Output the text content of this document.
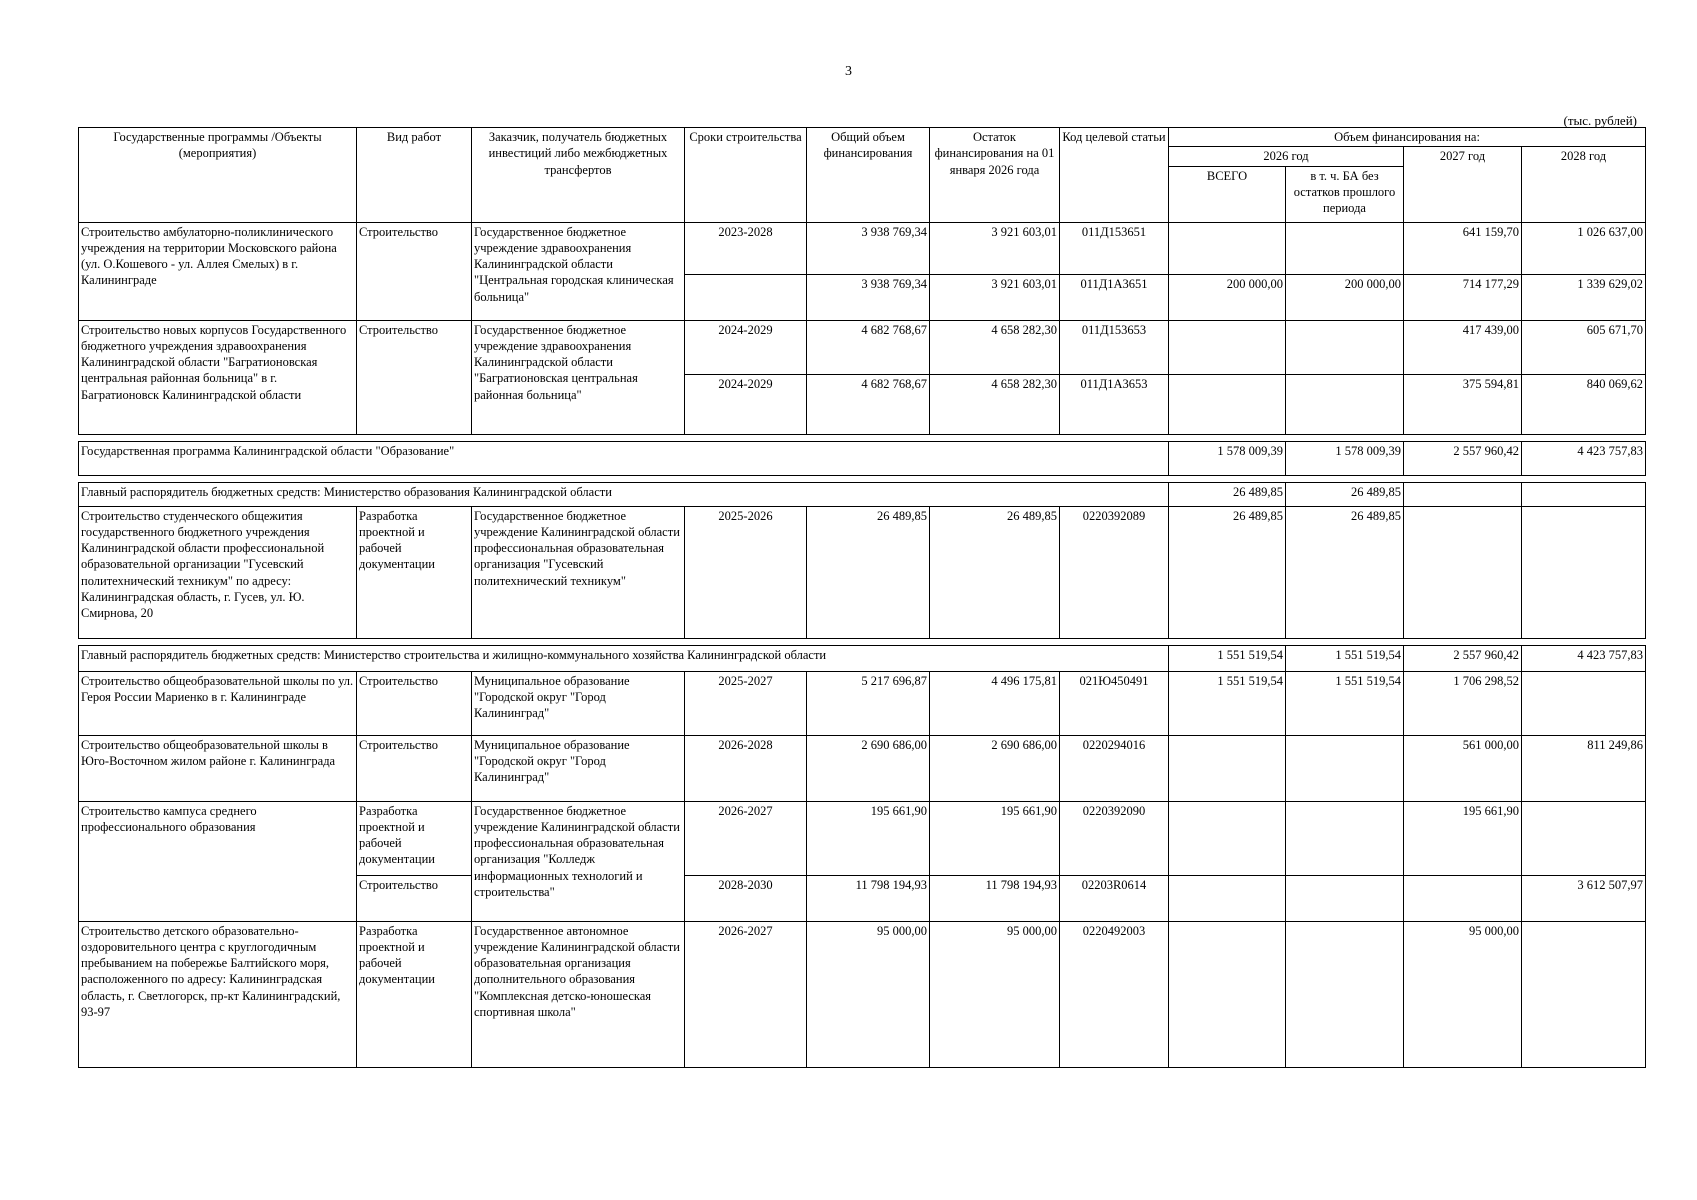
3
(тыс. рублей)
Государственные программы /Объекты (мероприятия)	Вид работ	Заказчик, получатель бюджетных инвестиций либо межбюджетных трансфертов	Сроки строительства	Общий объем финансирования	Остаток финансирования на 01 января 2026 года	Код целевой статьи	Объем финансирования на:			
							2026 год		2027 год	2028 год
							ВСЕГО	в т. ч. БА без остатков прошлого периода		
Строительство амбулаторно-поликлинического учреждения на территории Московского района (ул. О.Кошевого - ул. Аллея Смелых) в г. Калининграде	Строительство	Государственное бюджетное учреждение здравоохранения Калининградской области "Центральная городская клиническая больница"	2023-2028	3 938 769,34	3 921 603,01	011Д153651			641 159,70	1 026 637,00
				3 938 769,34	3 921 603,01	011Д1А3651	200 000,00	200 000,00	714 177,29	1 339 629,02
Строительство новых корпусов Государственного бюджетного учреждения здравоохранения Калининградской области "Багратионовская центральная районная больница" в г. Багратионовск Калининградской области	Строительство	Государственное бюджетное учреждение здравоохранения Калининградской области "Багратионовская центральная районная больница"	2024-2029	4 682 768,67	4 658 282,30	011Д153653			417 439,00	605 671,70
			2024-2029	4 682 768,67	4 658 282,30	011Д1А3653			375 594,81	840 069,62

Государственная программа Калининградской области "Образование"							1 578 009,39	1 578 009,39	2 557 960,42	4 423 757,83

Главный распорядитель бюджетных средств: Министерство образования Калининградской области							26 489,85	26 489,85		
Строительство студенческого общежития государственного бюджетного учреждения Калининградской области профессиональной образовательной организации "Гусевский политехнический техникум" по адресу: Калининградская область, г. Гусев, ул. Ю. Смирнова, 20	Разработка проектной и рабочей документации	Государственное бюджетное учреждение Калининградской области профессиональная образовательная организация "Гусевский политехнический техникум"	2025-2026	26 489,85	26 489,85	0220392089	26 489,85	26 489,85		

Главный распорядитель бюджетных средств: Министерство строительства и жилищно-коммунального хозяйства Калининградской области							1 551 519,54	1 551 519,54	2 557 960,42	4 423 757,83
Строительство общеобразовательной школы по ул. Героя России Мариенко в г. Калининграде	Строительство	Муниципальное образование "Городской округ "Город Калининград"	2025-2027	5 217 696,87	4 496 175,81	021Ю450491	1 551 519,54	1 551 519,54	1 706 298,52	
Строительство общеобразовательной школы в Юго-Восточном жилом районе г. Калининграда	Строительство	Муниципальное образование "Городской округ "Город Калининград"	2026-2028	2 690 686,00	2 690 686,00	0220294016			561 000,00	811 249,86
Строительство кампуса среднего профессионального образования	Разработка проектной и рабочей документации	Государственное бюджетное учреждение Калининградской области профессиональная образовательная организация "Колледж информационных технологий и строительства"	2026-2027	195 661,90	195 661,90	0220392090			195 661,90	
	Строительство		2028-2030	11 798 194,93	11 798 194,93	02203R0614				3 612 507,97
Строительство детского образовательно-оздоровительного центра с круглогодичным пребыванием на побережье Балтийского моря, расположенного по адресу: Калининградская область, г. Светлогорск, пр-кт Калининградский, 93-97	Разработка проектной и рабочей документации	Государственное автономное учреждение Калининградской области образовательная организация дополнительного образования "Комплексная детско-юношеская спортивная школа"	2026-2027	95 000,00	95 000,00	0220492003			95 000,00	
